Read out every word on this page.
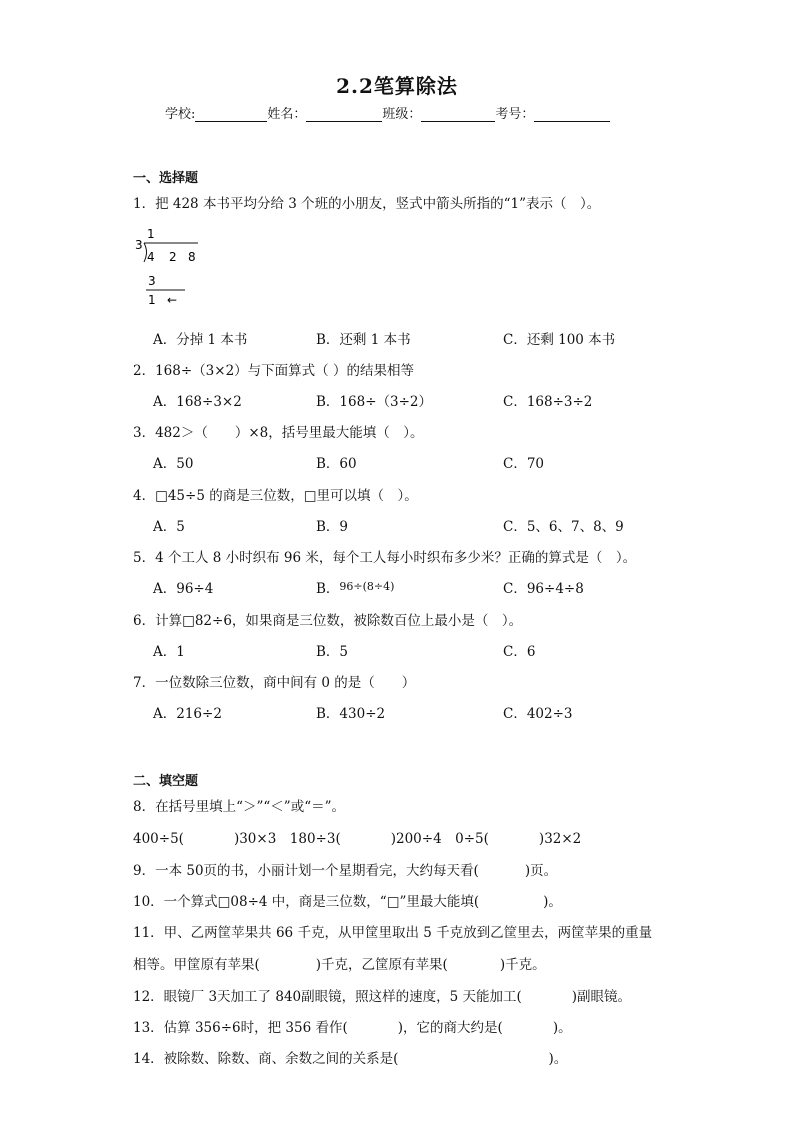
2.2笔算除法
学校:	姓名：	班级：	考号：
一、选择题
1．把 428 本书平均分给 3 个班的小朋友，竖式中箭头所指的“1”表示（　）。
1
3
4 2 8
3
1 ←
A．分掉 1 本书	B．还剩 1 本书	C．还剩 100 本书
2．168÷（3×2）与下面算式（ ）的结果相等
A．168÷3×2	B．168÷（3÷2）	C．168÷3÷2
3．482＞（　　）×8，括号里最大能填（　）。
A．50	B．60	C．70
4．□45÷5 的商是三位数，□里可以填（　）。
A．5	B．9	C．5、6、7、8、9
5．4 个工人 8 小时织布 96 米，每个工人每小时织布多少米？正确的算式是（　）。
A．96÷4	B．$^{96\div(8\div 4)}$	C．96÷4÷8
6．计算□82÷6，如果商是三位数，被除数百位上最小是（　）。
A．1	B．5	C．6
7．一位数除三位数，商中间有 0 的是（　　）
A．216÷2	B．430÷2	C．402÷3
二、填空题
8．在括号里填上“＞”“＜”或“＝”。
400÷5(	)30×3　180÷3(	)200÷4　0÷5(	)32×2
9．一本 50页的书，小丽计划一个星期看完，大约每天看(	)页。
10．一个算式□08÷4 中，商是三位数，“□”里最大能填(	)。
11．甲、乙两筐苹果共 66 千克，从甲筐里取出 5 千克放到乙筐里去，两筐苹果的重量
相等。甲筐原有苹果(	)千克，乙筐原有苹果(	)千克。
12．眼镜厂 3天加工了 840副眼镜，照这样的速度，5 天能加工(	)副眼镜。
13．估算 356÷6时，把 356 看作(	)，它的商大约是(	)。
14．被除数、除数、商、余数之间的关系是(	)。
